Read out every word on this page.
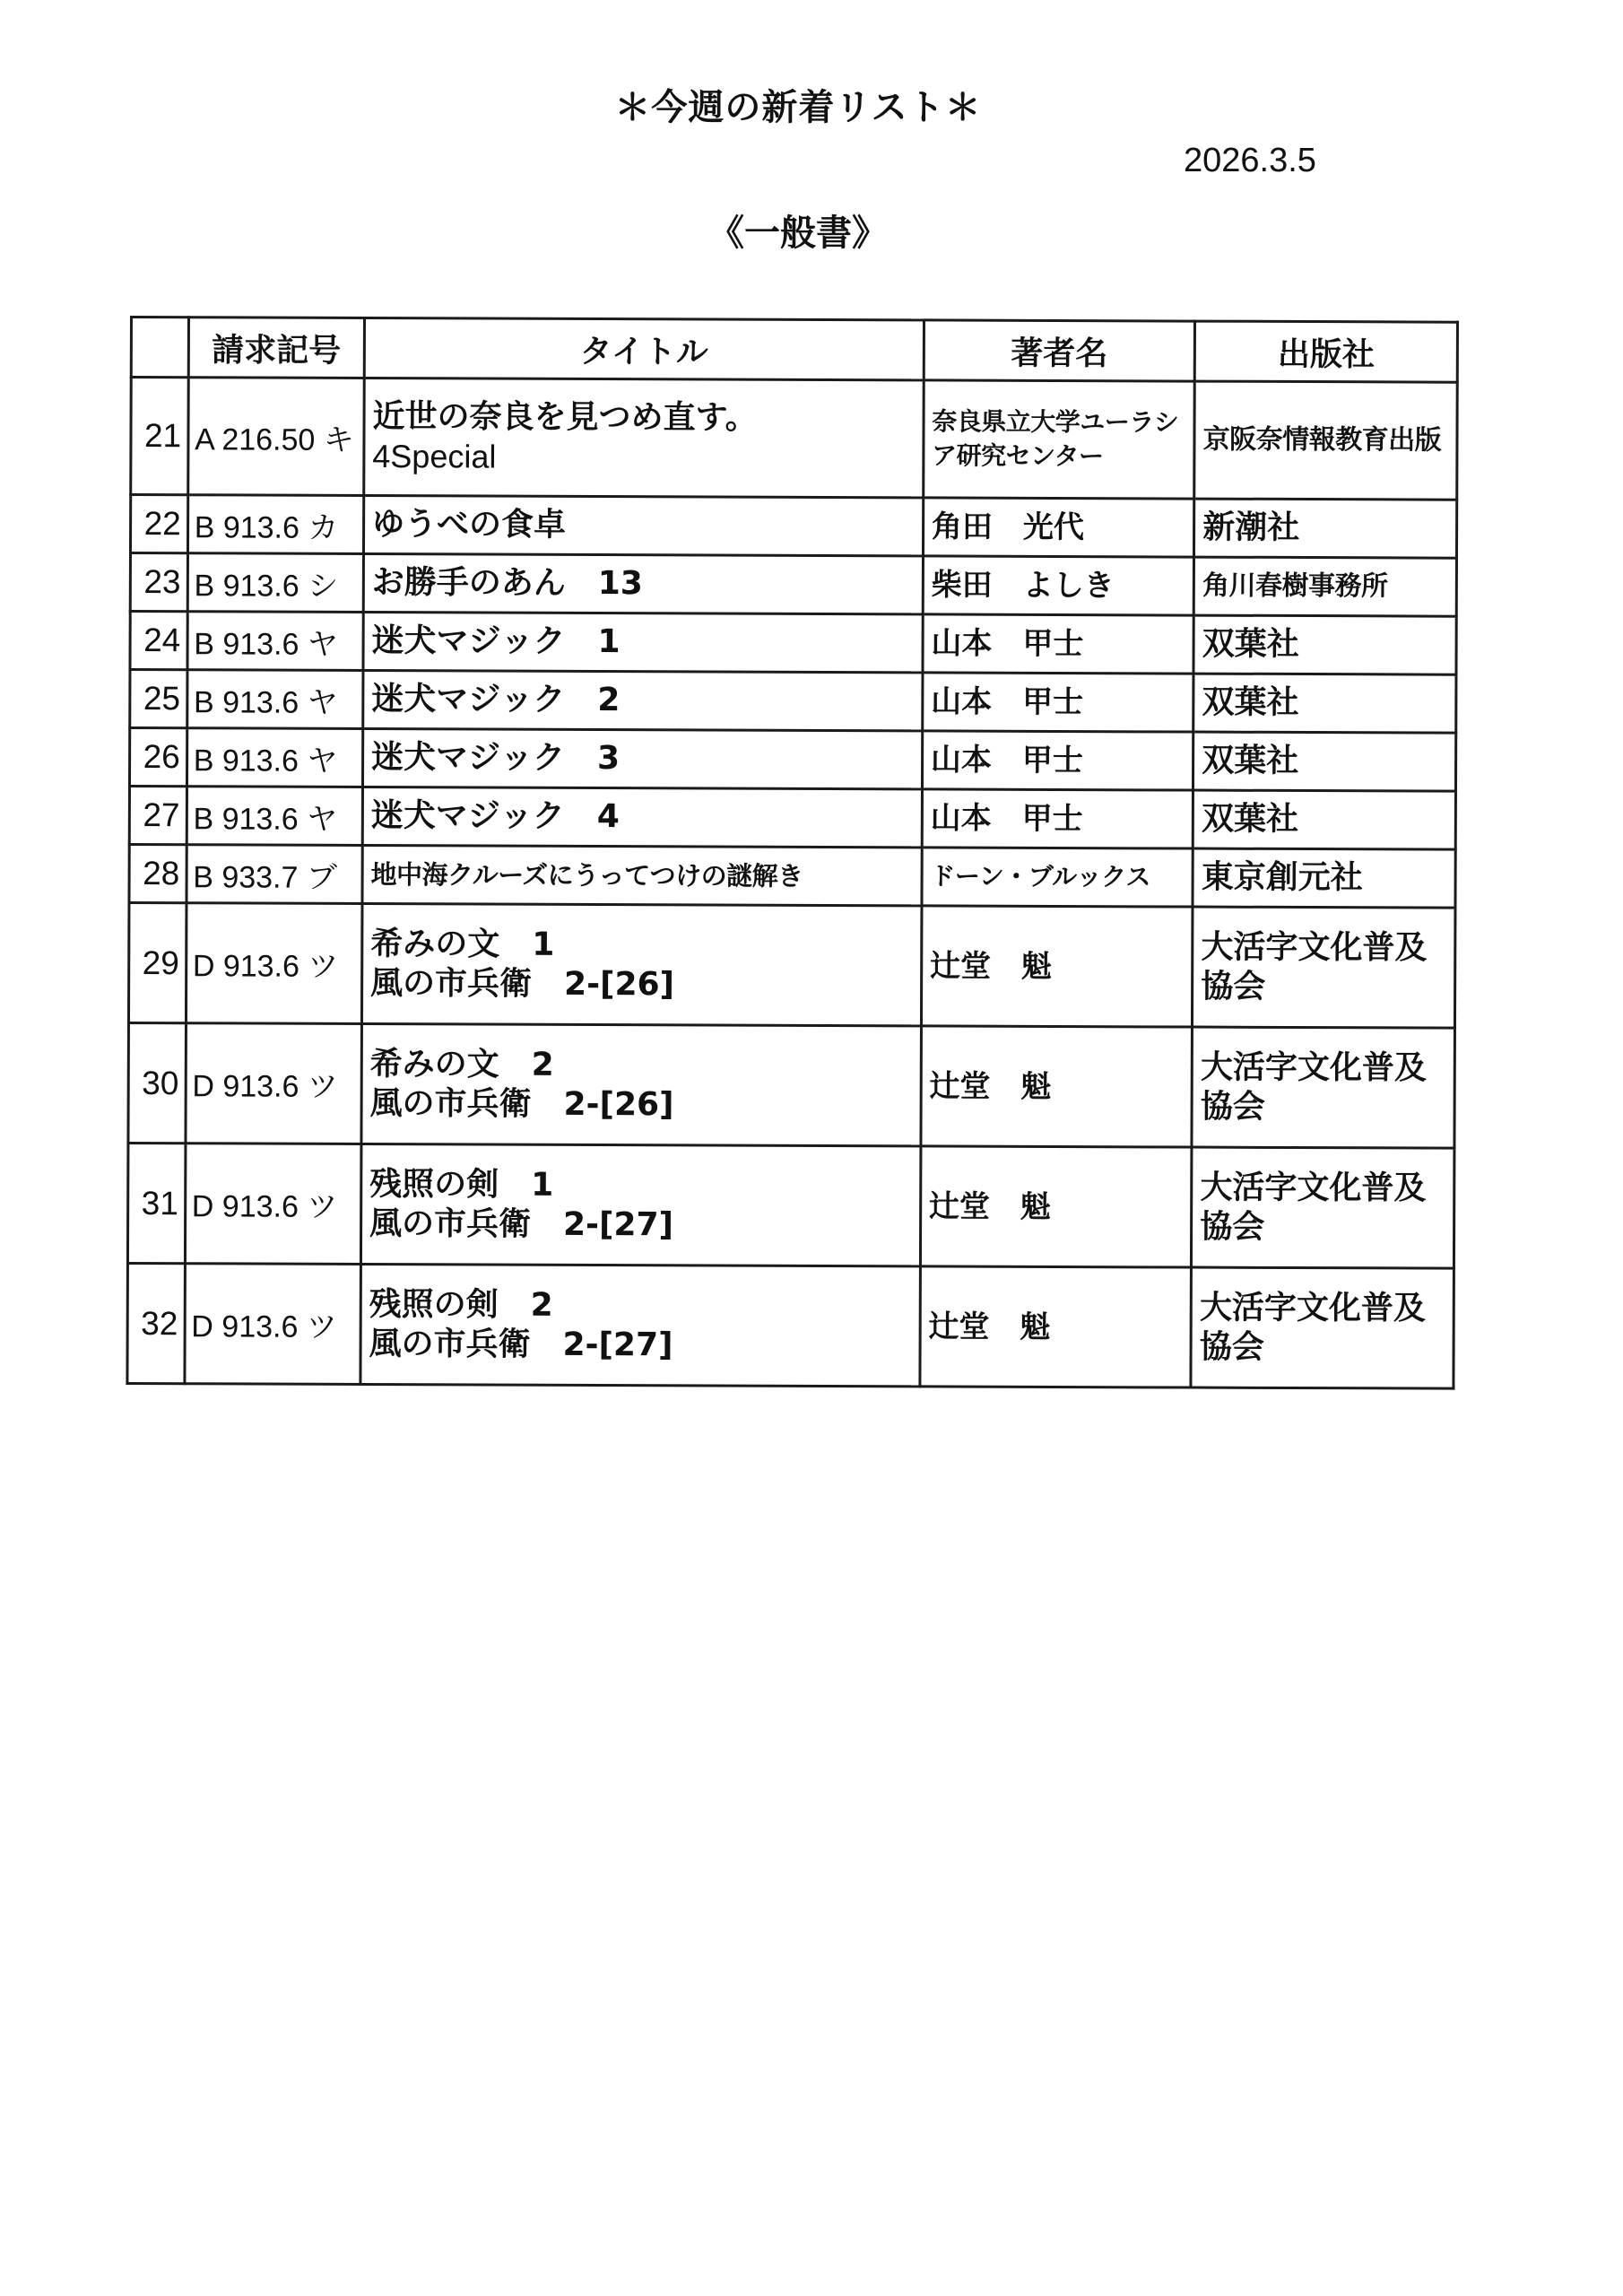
＊今週の新着リスト＊
2026.3.5
《一般書》
	請求記号	タイトル	著者名	出版社
21	A 216.50 キ	近世の奈良を見つめ直す。
4Special	奈良県立大学ユーラシア研究センター	京阪奈情報教育出版
22	B 913.6 カ	ゆうべの食卓	角田　光代	新潮社
23	B 913.6 シ	お勝手のあん　13	柴田　よしき	角川春樹事務所
24	B 913.6 ヤ	迷犬マジック　1	山本　甲士	双葉社
25	B 913.6 ヤ	迷犬マジック　2	山本　甲士	双葉社
26	B 913.6 ヤ	迷犬マジック　3	山本　甲士	双葉社
27	B 913.6 ヤ	迷犬マジック　4	山本　甲士	双葉社
28	B 933.7 ブ	地中海クルーズにうってつけの謎解き	ドーン・ブルックス	東京創元社
29	D 913.6 ツ	希みの文　1
風の市兵衛　2-[26]	辻堂　魁	大活字文化普及協会
30	D 913.6 ツ	希みの文　2
風の市兵衛　2-[26]	辻堂　魁	大活字文化普及協会
31	D 913.6 ツ	残照の剣　1
風の市兵衛　2-[27]	辻堂　魁	大活字文化普及協会
32	D 913.6 ツ	残照の剣　2
風の市兵衛　2-[27]	辻堂　魁	大活字文化普及協会
